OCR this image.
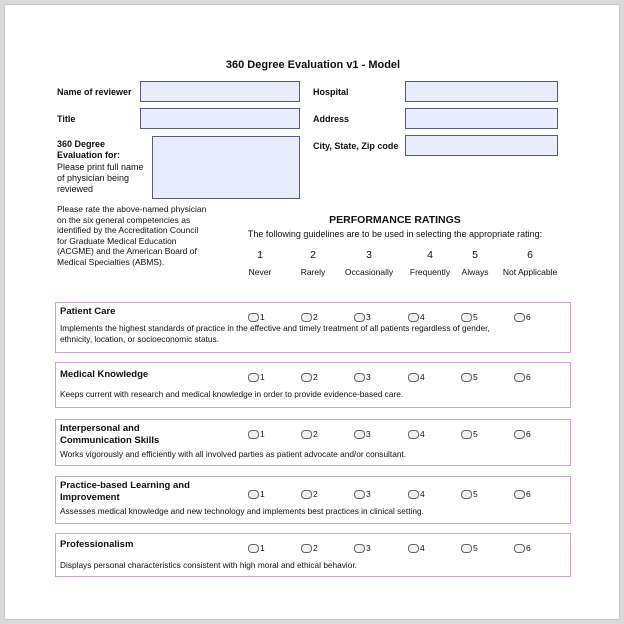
360 Degree Evaluation v1 - Model
Name of reviewer
Title
360 Degree Evaluation for:
Please print full name of physician being reviewed
Hospital
Address
City, State, Zip code
Please rate the above-named physician on the six general competencies as identified by the Accreditation Council for Graduate Medical Education (ACGME) and the American Board of Medical Specialties (ABMS).
PERFORMANCE RATINGS
The following guidelines are to be used in selecting the appropriate rating:
1	2	3	4	5	6
Never	Rarely	Occasionally	Frequently	Always	Not Applicable
Patient Care
Implements the highest standards of practice in the effective and timely treatment of all patients regardless of gender, ethnicity, location, or socioeconomic status.
1	2	3	4	5	6
Medical Knowledge
Keeps current with research and medical knowledge in order to provide evidence-based care.
1	2	3	4	5	6
Interpersonal and Communication Skills
Works vigorously and efficiently with all involved parties as patient advocate and/or consultant.
1	2	3	4	5	6
Practice-based Learning and Improvement
Assesses medical knowledge and new technology and implements best practices in clinical setting.
1	2	3	4	5	6
Professionalism
Displays personal characteristics consistent with high moral and ethical behavior.
1	2	3	4	5	6
